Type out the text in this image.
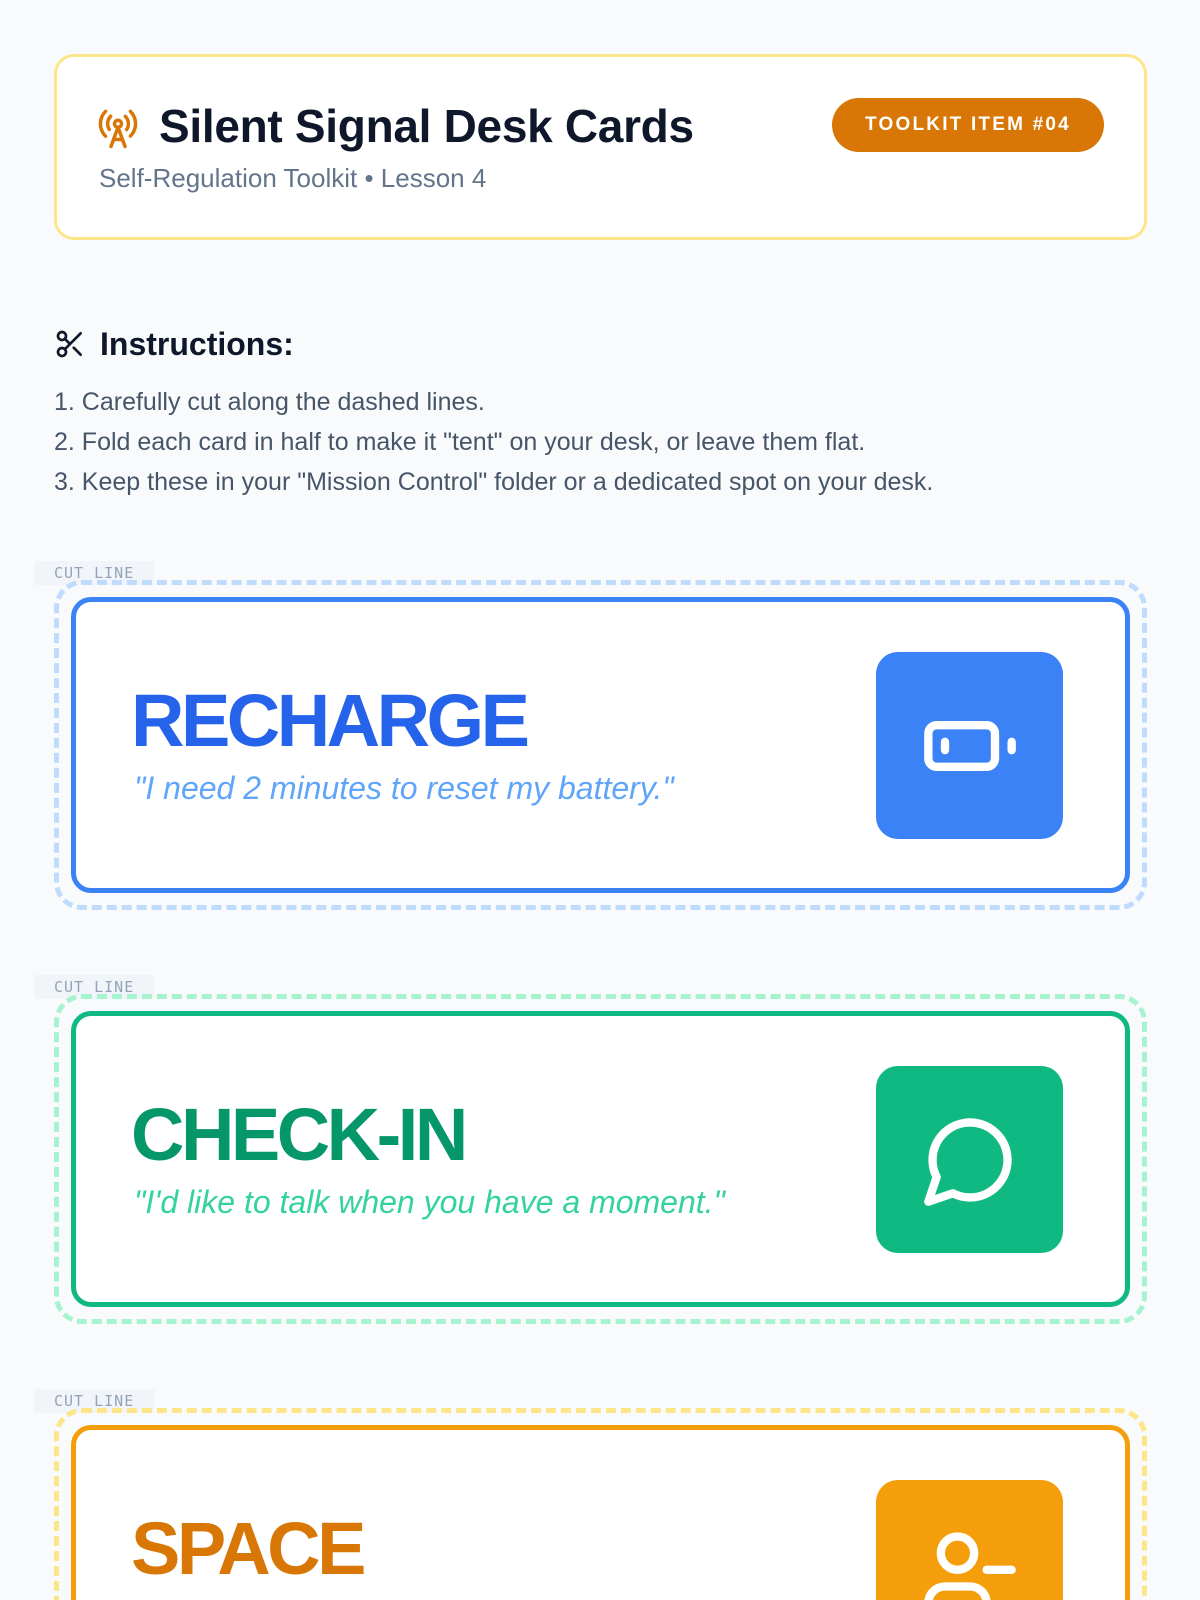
Silent Signal Desk Cards
Self-Regulation Toolkit • Lesson 4
TOOLKIT ITEM #04
Instructions:
1. Carefully cut along the dashed lines.
2. Fold each card in half to make it "tent" on your desk, or leave them flat.
3. Keep these in your "Mission Control" folder or a dedicated spot on your desk.
CUT LINE
RECHARGE
"I need 2 minutes to reset my battery."
CUT LINE
CHECK-IN
"I'd like to talk when you have a moment."
CUT LINE
SPACE
